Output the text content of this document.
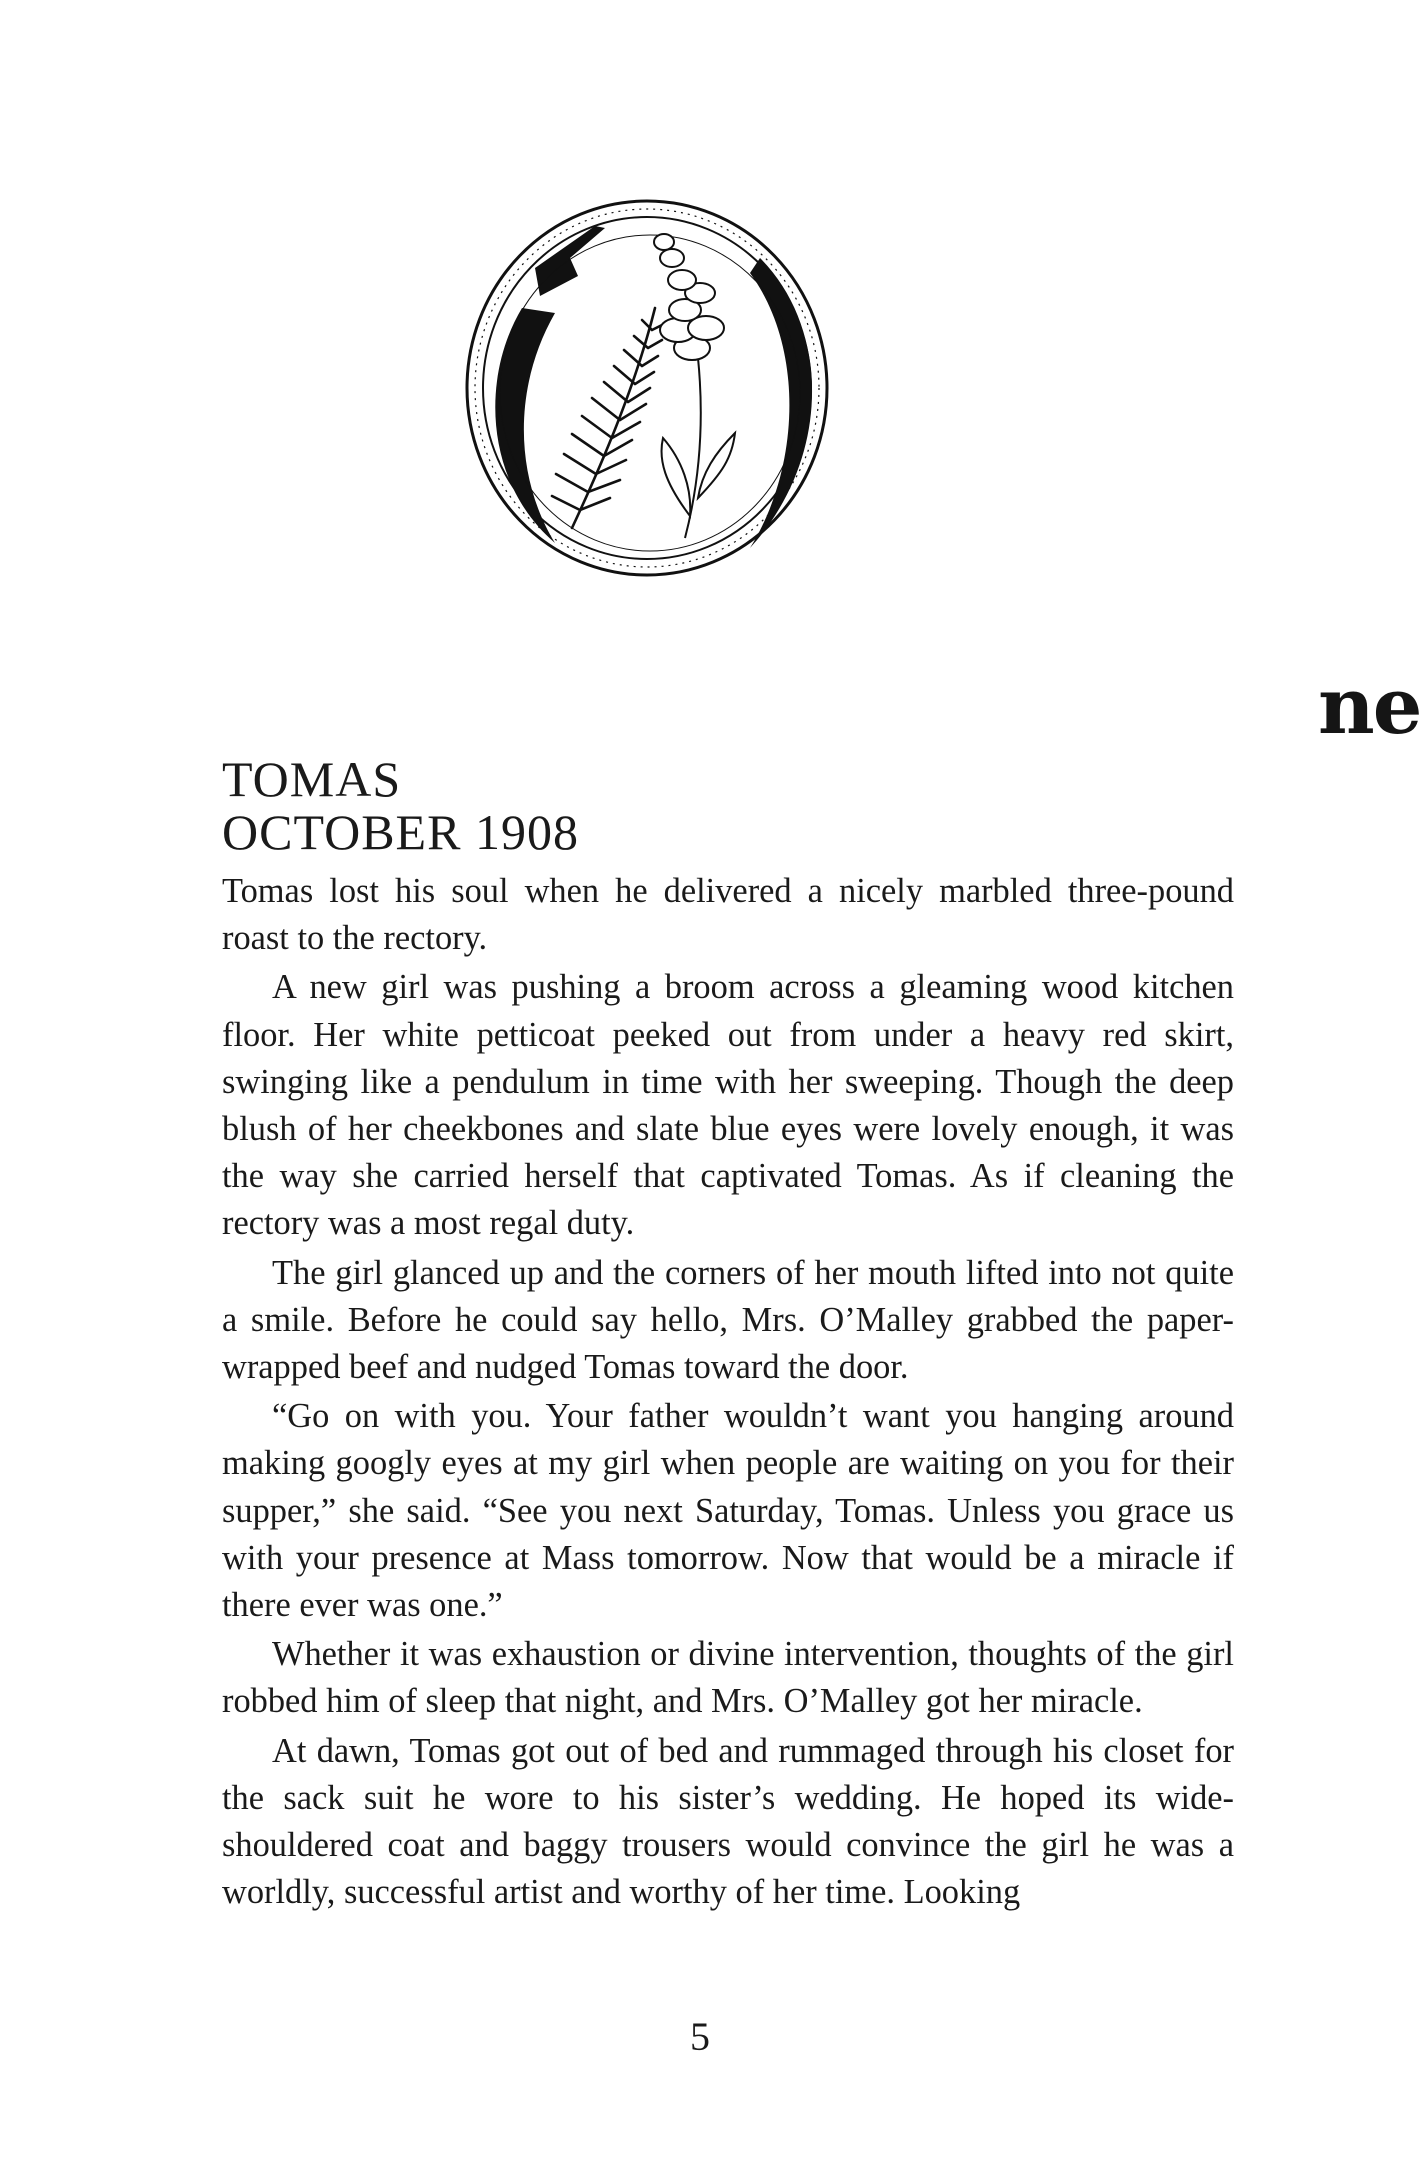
ne
TOMAS
OCTOBER 1908

Tomas lost his soul when he delivered a nicely marbled three-pound roast to the rectory.

A new girl was pushing a broom across a gleaming wood kitchen floor. Her white petticoat peeked out from under a heavy red skirt, swinging like a pendulum in time with her sweeping. Though the deep blush of her cheekbones and slate blue eyes were lovely enough, it was the way she carried herself that captivated Tomas. As if cleaning the rectory was a most regal duty.

The girl glanced up and the corners of her mouth lifted into not quite a smile. Before he could say hello, Mrs. O’Malley grabbed the paper-wrapped beef and nudged Tomas toward the door.

“Go on with you. Your father wouldn’t want you hanging around making googly eyes at my girl when people are waiting on you for their supper,” she said. “See you next Saturday, Tomas. Unless you grace us with your presence at Mass tomorrow. Now that would be a miracle if there ever was one.”

Whether it was exhaustion or divine intervention, thoughts of the girl robbed him of sleep that night, and Mrs. O’Malley got her miracle.

At dawn, Tomas got out of bed and rummaged through his closet for the sack suit he wore to his sister’s wedding. He hoped its wide-shouldered coat and baggy trousers would convince the girl he was a worldly, successful artist and worthy of her time. Looking

5
